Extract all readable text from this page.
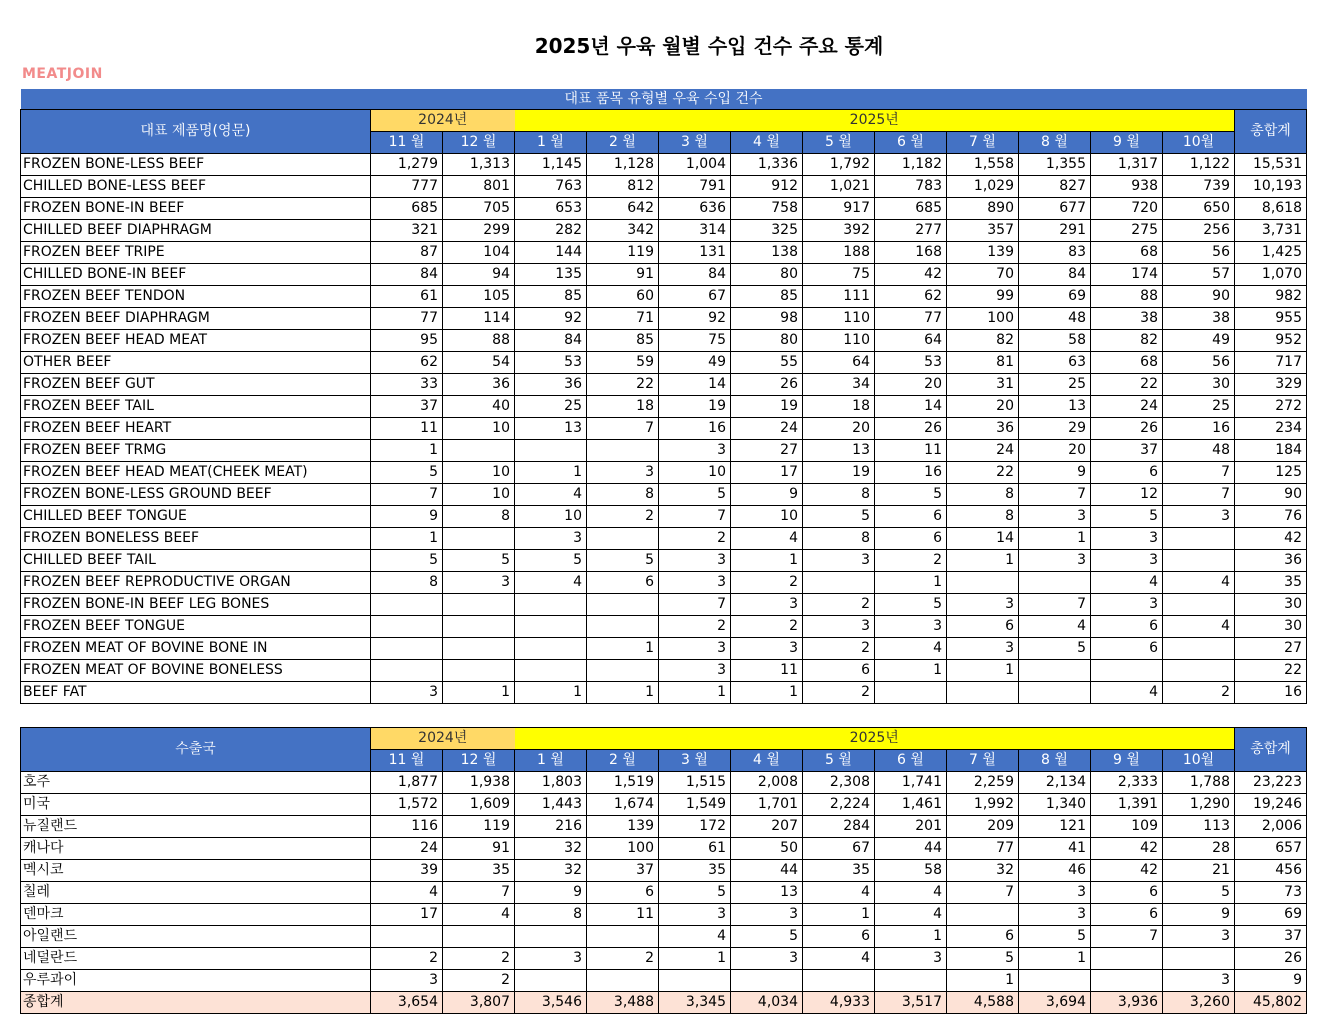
2025년 우육 월별 수입 건수 주요 통계
MEATJOIN
대표 품목 유형별 우육 수입 건수													
대표 제품명(영문)	2024년		2025년										총합계
	11 월	12 월	1 월	2 월	3 월	4 월	5 월	6 월	7 월	8 월	9 월	10월	
FROZEN BONE-LESS BEEF	1,279	1,313	1,145	1,128	1,004	1,336	1,792	1,182	1,558	1,355	1,317	1,122	15,531
CHILLED BONE-LESS BEEF	777	801	763	812	791	912	1,021	783	1,029	827	938	739	10,193
FROZEN BONE-IN BEEF	685	705	653	642	636	758	917	685	890	677	720	650	8,618
CHILLED BEEF DIAPHRAGM	321	299	282	342	314	325	392	277	357	291	275	256	3,731
FROZEN BEEF TRIPE	87	104	144	119	131	138	188	168	139	83	68	56	1,425
CHILLED BONE-IN BEEF	84	94	135	91	84	80	75	42	70	84	174	57	1,070
FROZEN BEEF TENDON	61	105	85	60	67	85	111	62	99	69	88	90	982
FROZEN BEEF DIAPHRAGM	77	114	92	71	92	98	110	77	100	48	38	38	955
FROZEN BEEF HEAD MEAT	95	88	84	85	75	80	110	64	82	58	82	49	952
OTHER BEEF	62	54	53	59	49	55	64	53	81	63	68	56	717
FROZEN BEEF GUT	33	36	36	22	14	26	34	20	31	25	22	30	329
FROZEN BEEF TAIL	37	40	25	18	19	19	18	14	20	13	24	25	272
FROZEN BEEF HEART	11	10	13	7	16	24	20	26	36	29	26	16	234
FROZEN BEEF TRMG	1				3	27	13	11	24	20	37	48	184
FROZEN BEEF HEAD MEAT(CHEEK MEAT)	5	10	1	3	10	17	19	16	22	9	6	7	125
FROZEN BONE-LESS GROUND BEEF	7	10	4	8	5	9	8	5	8	7	12	7	90
CHILLED BEEF TONGUE	9	8	10	2	7	10	5	6	8	3	5	3	76
FROZEN BONELESS BEEF	1		3		2	4	8	6	14	1	3		42
CHILLED BEEF TAIL	5	5	5	5	3	1	3	2	1	3	3		36
FROZEN BEEF REPRODUCTIVE ORGAN	8	3	4	6	3	2		1			4	4	35
FROZEN BONE-IN BEEF LEG BONES					7	3	2	5	3	7	3		30
FROZEN BEEF TONGUE					2	2	3	3	6	4	6	4	30
FROZEN MEAT OF BOVINE BONE IN				1	3	3	2	4	3	5	6		27
FROZEN MEAT OF BOVINE BONELESS					3	11	6	1	1				22
BEEF FAT	3	1	1	1	1	1	2				4	2	16
수출국	2024년		2025년										총합계
	11 월	12 월	1 월	2 월	3 월	4 월	5 월	6 월	7 월	8 월	9 월	10월	
호주	1,877	1,938	1,803	1,519	1,515	2,008	2,308	1,741	2,259	2,134	2,333	1,788	23,223
미국	1,572	1,609	1,443	1,674	1,549	1,701	2,224	1,461	1,992	1,340	1,391	1,290	19,246
뉴질랜드	116	119	216	139	172	207	284	201	209	121	109	113	2,006
캐나다	24	91	32	100	61	50	67	44	77	41	42	28	657
멕시코	39	35	32	37	35	44	35	58	32	46	42	21	456
칠레	4	7	9	6	5	13	4	4	7	3	6	5	73
덴마크	17	4	8	11	3	3	1	4		3	6	9	69
아일랜드					4	5	6	1	6	5	7	3	37
네덜란드	2	2	3	2	1	3	4	3	5	1			26
우루과이	3	2							1			3	9
종합계	3,654	3,807	3,546	3,488	3,345	4,034	4,933	3,517	4,588	3,694	3,936	3,260	45,802
